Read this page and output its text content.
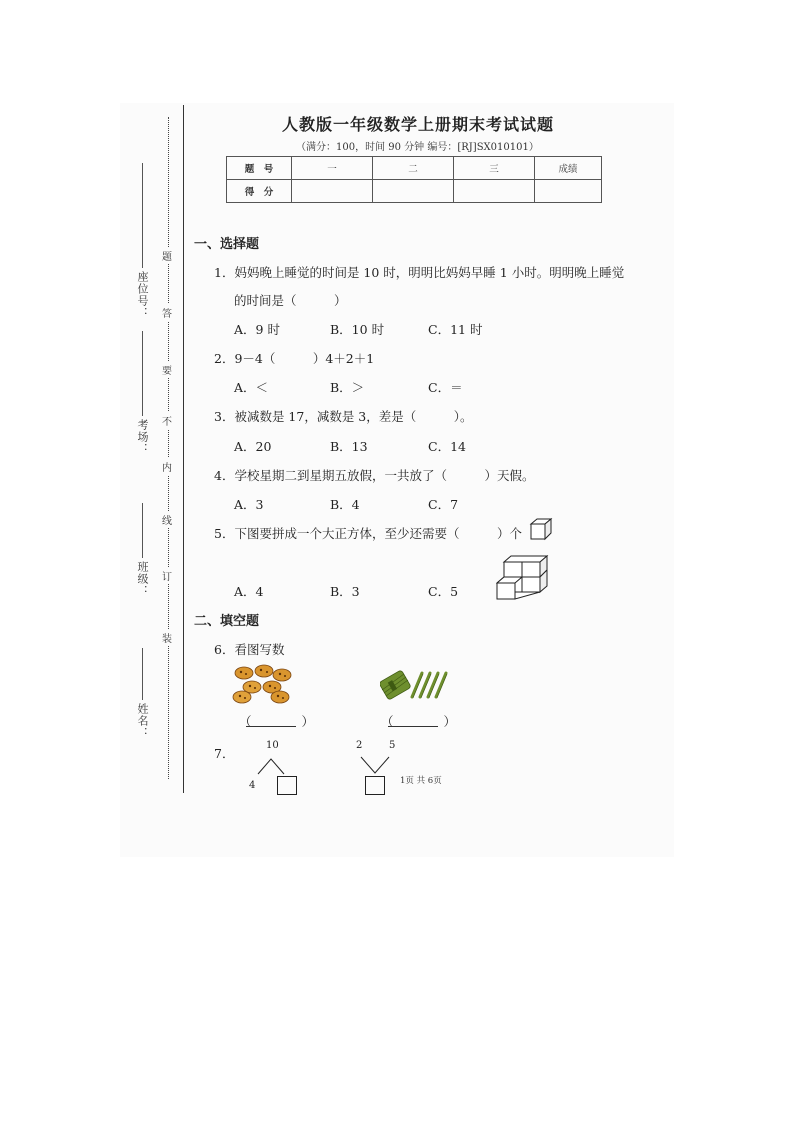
姓名：
班级：
考场：
座位号：
装
订
线
内
不
要
答
题
人教版一年级数学上册期末考试试题
（满分：100，时间 90 分钟 编号：[RJ]SX010101）
题　号	一	二	三	成绩
得　分				
一、选择题
1．妈妈晚上睡觉的时间是 10 时，明明比妈妈早睡 1 小时。明明晚上睡觉
的时间是（　　　）
A．9 时	B．10 时	C．11 时
2．9－4（　　　）4＋2＋1
A．＜	B．＞	C．＝
3．被减数是 17，减数是 3，差是（　　　）。
A．20	B．13	C．14
4．学校星期二到星期五放假，一共放了（　　　）天假。
A．3	B．4	C．7
5．下图要拼成一个大正方体，至少还需要（　　　）个
A．4	B．3	C．5
二、填空题
6．看图写数
（　　　　）	（　　　　）
7．
10
4
2	5
1页 共 6页
